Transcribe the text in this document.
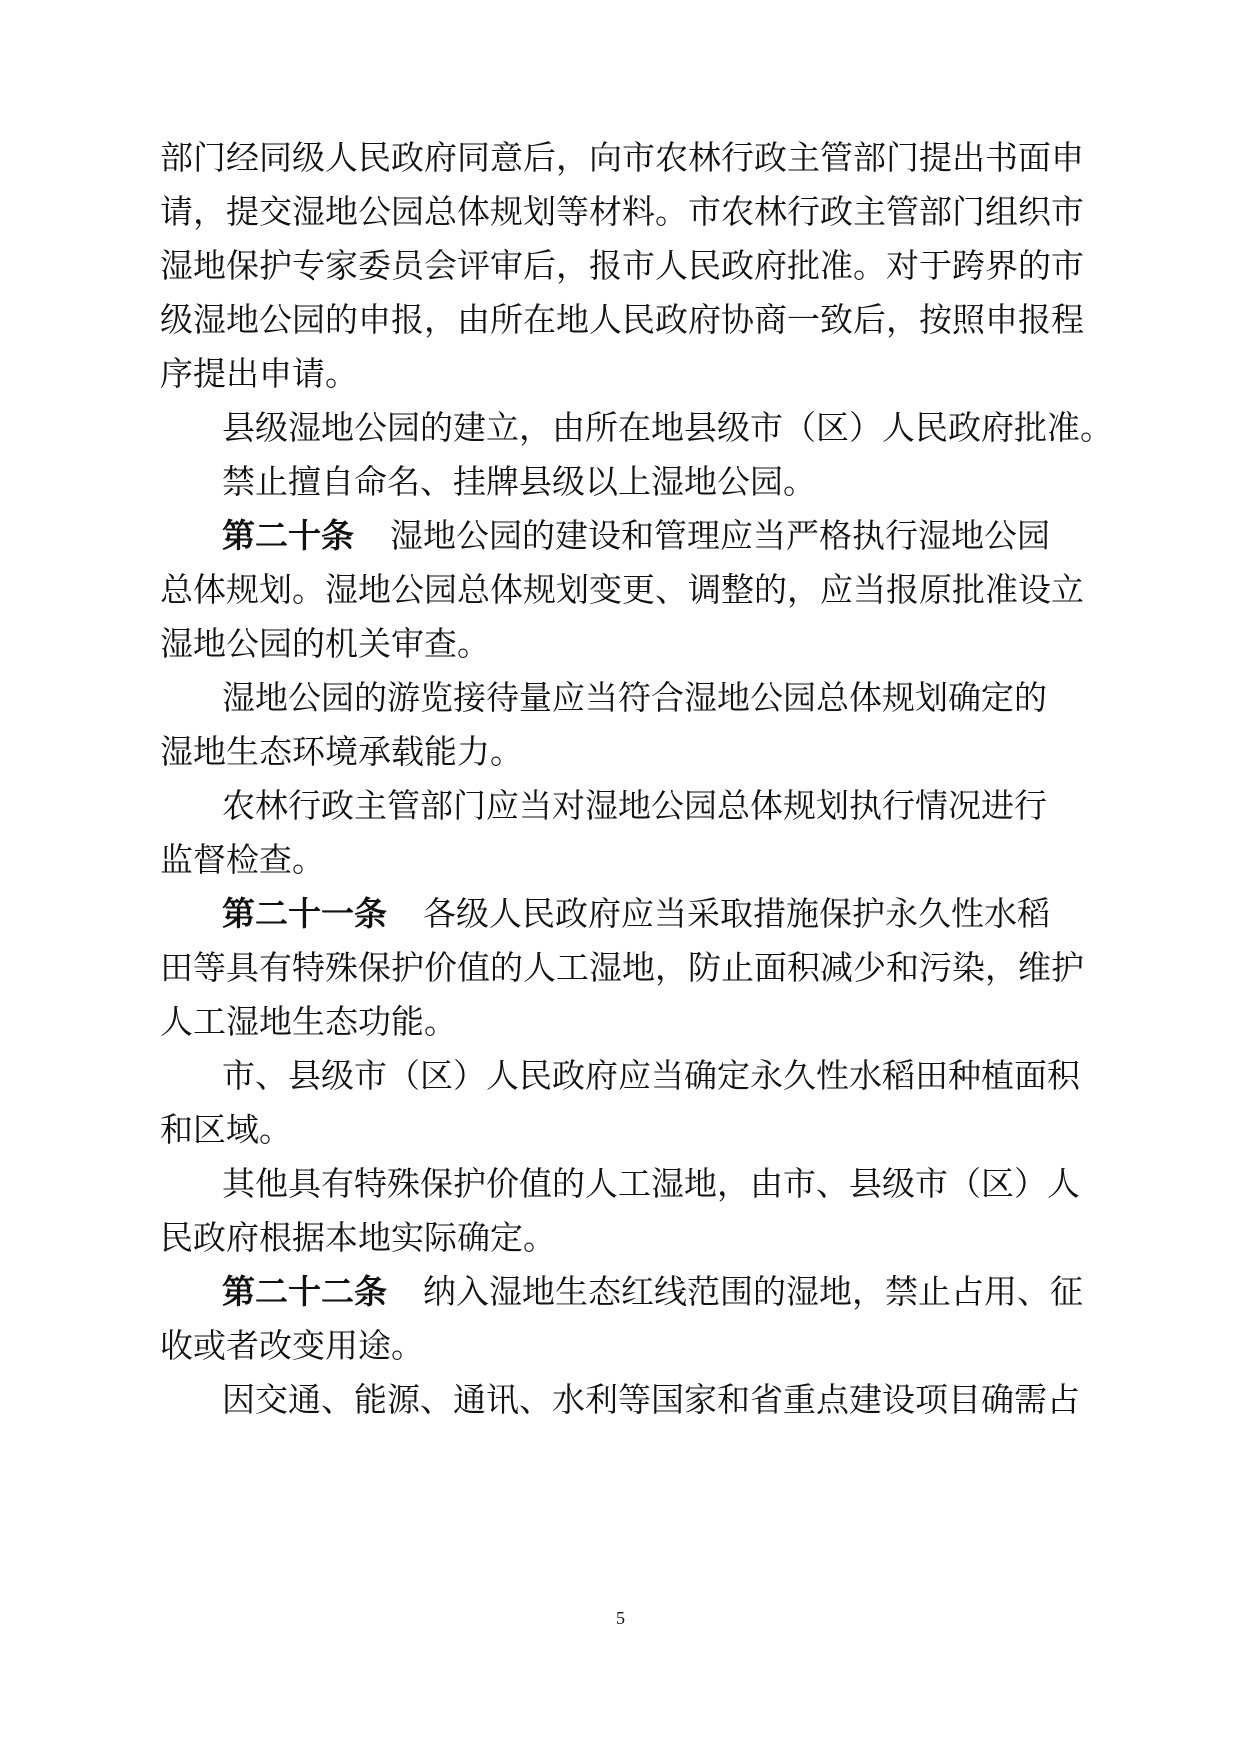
部门经同级人民政府同意后，向市农林行政主管部门提出书面申
请，提交湿地公园总体规划等材料。市农林行政主管部门组织市
湿地保护专家委员会评审后，报市人民政府批准。对于跨界的市
级湿地公园的申报，由所在地人民政府协商一致后，按照申报程
序提出申请。
县级湿地公园的建立，由所在地县级市（区）人民政府批准。
禁止擅自命名、挂牌县级以上湿地公园。
第二十条 湿地公园的建设和管理应当严格执行湿地公园
总体规划。湿地公园总体规划变更、调整的，应当报原批准设立
湿地公园的机关审查。
湿地公园的游览接待量应当符合湿地公园总体规划确定的
湿地生态环境承载能力。
农林行政主管部门应当对湿地公园总体规划执行情况进行
监督检查。
第二十一条 各级人民政府应当采取措施保护永久性水稻
田等具有特殊保护价值的人工湿地，防止面积减少和污染，维护
人工湿地生态功能。
市、县级市（区）人民政府应当确定永久性水稻田种植面积
和区域。
其他具有特殊保护价值的人工湿地，由市、县级市（区）人
民政府根据本地实际确定。
第二十二条 纳入湿地生态红线范围的湿地，禁止占用、征
收或者改变用途。
因交通、能源、通讯、水利等国家和省重点建设项目确需占
5
